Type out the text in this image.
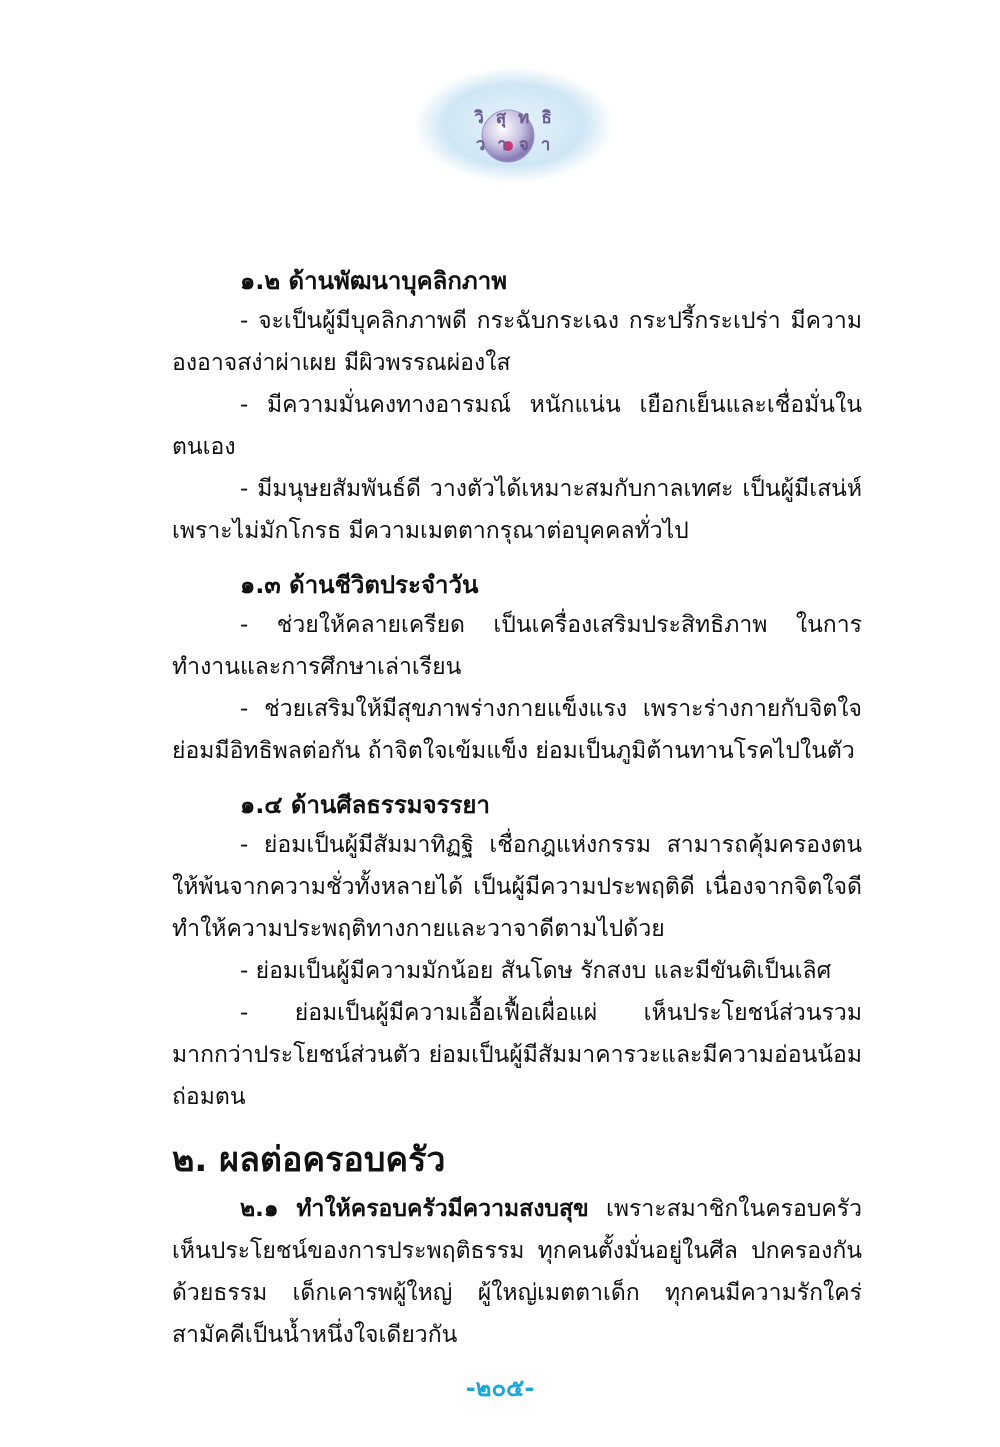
วิสุทธิวาจา
๑.๒ ด้านพัฒนาบุคลิกภาพ

- จะเป็นผู้มีบุคลิกภาพดี กระฉับกระเฉง กระปรี้กระเปร่า มีความองอาจสง่าผ่าเผย มีผิวพรรณผ่องใส

- มีความมั่นคงทางอารมณ์ หนักแน่น เยือกเย็นและเชื่อมั่นในตนเอง

- มีมนุษยสัมพันธ์ดี วางตัวได้เหมาะสมกับกาลเทศะ เป็นผู้มีเสน่ห์ เพราะไม่มักโกรธ มีความเมตตากรุณาต่อบุคคลทั่วไป

๑.๓ ด้านชีวิตประจำวัน

- ช่วยให้คลายเครียด เป็นเครื่องเสริมประสิทธิภาพ ในการทำงานและการศึกษาเล่าเรียน

- ช่วยเสริมให้มีสุขภาพร่างกายแข็งแรง เพราะร่างกายกับจิตใจ ย่อมมีอิทธิพลต่อกัน ถ้าจิตใจเข้มแข็ง ย่อมเป็นภูมิต้านทานโรคไปในตัว

๑.๔ ด้านศีลธรรมจรรยา

- ย่อมเป็นผู้มีสัมมาทิฏฐิ เชื่อกฎแห่งกรรม สามารถคุ้มครองตนให้พ้นจากความชั่วทั้งหลายได้ เป็นผู้มีความประพฤติดี เนื่องจากจิตใจดี ทำให้ความประพฤติทางกายและวาจาดีตามไปด้วย

- ย่อมเป็นผู้มีความมักน้อย สันโดษ รักสงบ และมีขันติเป็นเลิศ

- ย่อมเป็นผู้มีความเอื้อเฟื้อเผื่อแผ่ เห็นประโยชน์ส่วนรวมมากกว่าประโยชน์ส่วนตัว ย่อมเป็นผู้มีสัมมาคารวะและมีความอ่อนน้อมถ่อมตน

๒. ผลต่อครอบครัว

๒.๑ ทำให้ครอบครัวมีความสงบสุข เพราะสมาชิกในครอบครัวเห็นประโยชน์ของการประพฤติธรรม ทุกคนตั้งมั่นอยู่ในศีล ปกครองกันด้วยธรรม เด็กเคารพผู้ใหญ่ ผู้ใหญ่เมตตาเด็ก ทุกคนมีความรักใคร่สามัคคีเป็นน้ำหนึ่งใจเดียวกัน

-๒๐๕-
